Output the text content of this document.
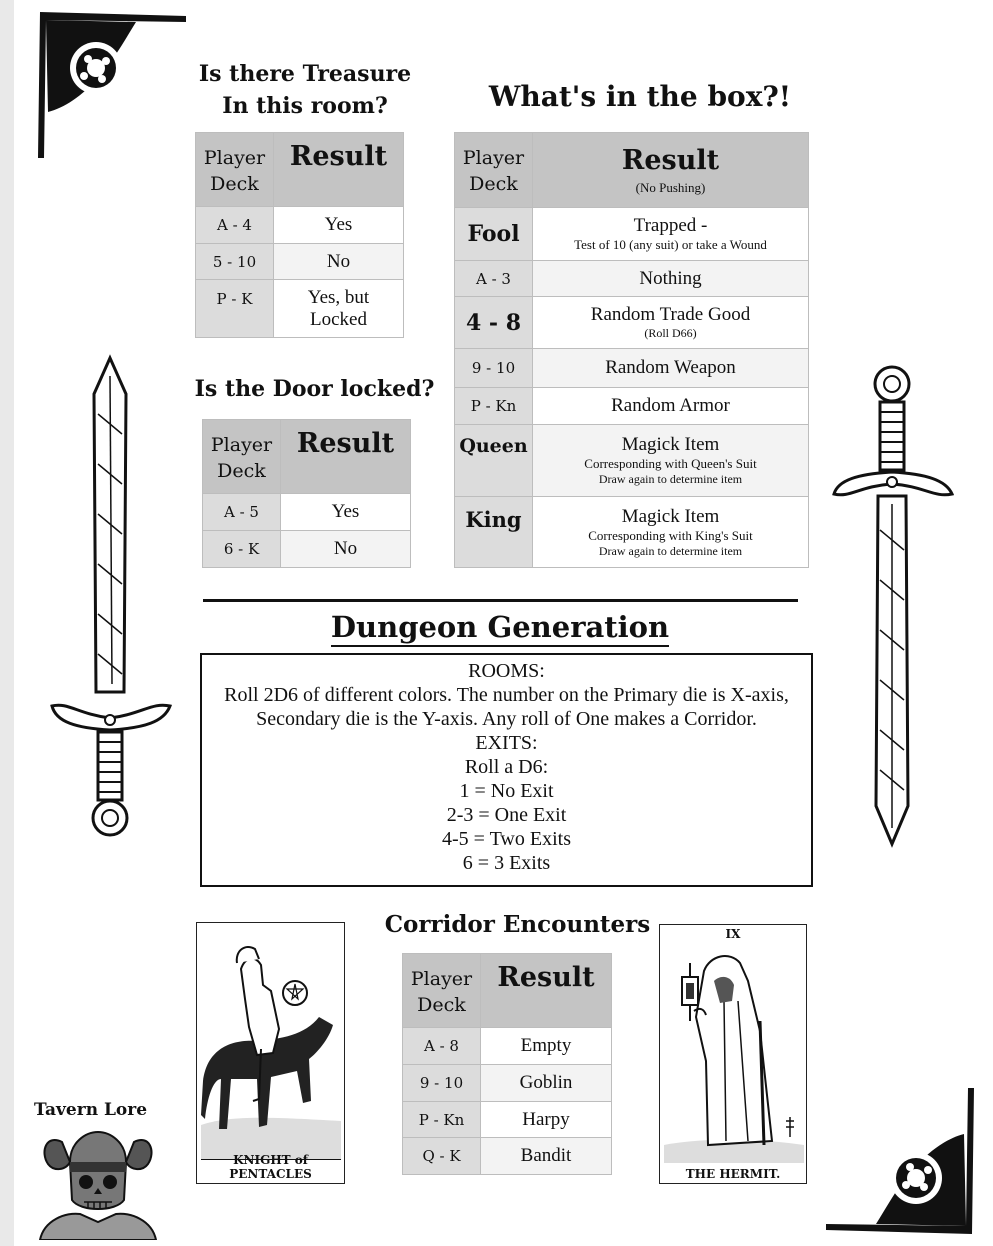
Is there Treasure
In this room?
Player
Deck	Result
A - 4	Yes
5 - 10	No
P - K	Yes, but
Locked
Is the Door locked?
Player
Deck	Result
A - 5	Yes
6 - K	No
What's in the box?!
Player
Deck	Result
(No Pushing)

Fool	Trapped -
Test of 10 (any suit) or take a Wound

A - 3	Nothing
4 - 8	Random Trade Good
(Roll D66)

9 - 10	Random Weapon
P - Kn	Random Armor
Queen	Magick Item
Corresponding with Queen's Suit
Draw again to determine item

King	Magick Item
Corresponding with King's Suit
Draw again to determine item
Dungeon Generation
ROOMS:
Roll 2D6 of different colors. The number on the Primary die is X-axis,
Secondary die is the Y-axis. Any roll of One makes a Corridor.
EXITS:
Roll a D6:
1 = No Exit
2-3 = One Exit
4-5 = Two Exits
6 = 3 Exits
Corridor Encounters
Player
Deck	Result
A - 8	Empty
9 - 10	Goblin
P - Kn	Harpy
Q - K	Bandit
KNIGHT of PENTACLES
IX
THE HERMIT.
Tavern Lore
